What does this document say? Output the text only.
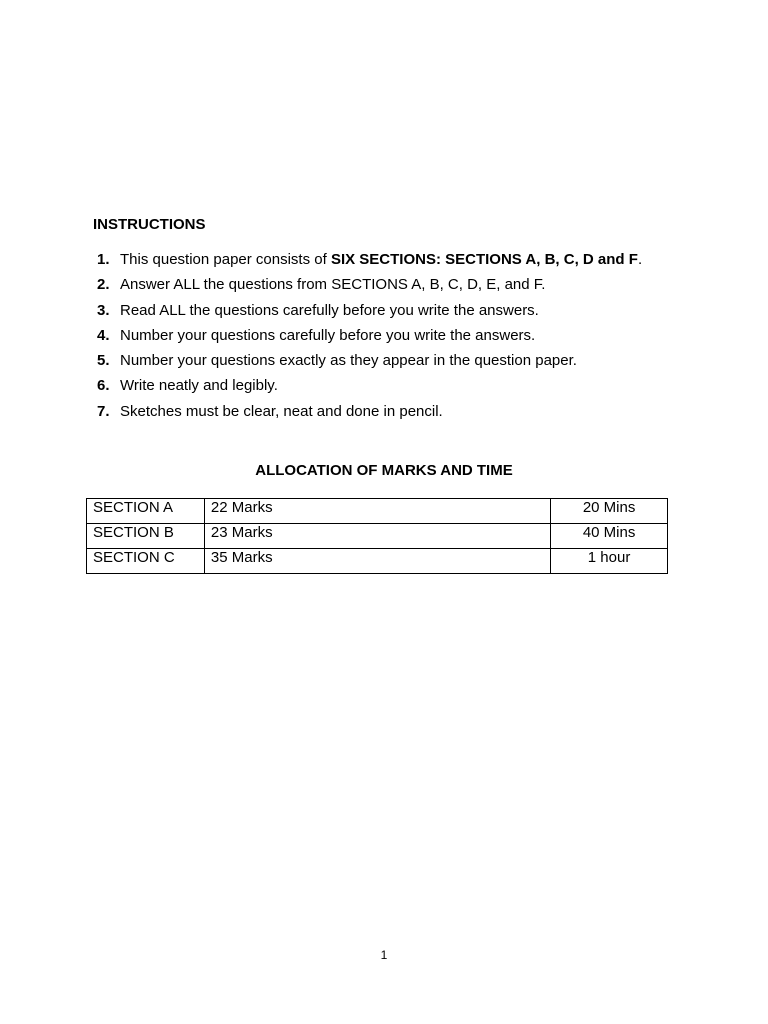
INSTRUCTIONS
1. This question paper consists of SIX SECTIONS: SECTIONS A, B, C, D and F.
2. Answer ALL the questions from SECTIONS A, B, C, D, E, and F.
3. Read ALL the questions carefully before you write the answers.
4. Number your questions carefully before you write the answers.
5. Number your questions exactly as they appear in the question paper.
6. Write neatly and legibly.
7. Sketches must be clear, neat and done in pencil.
ALLOCATION OF MARKS AND TIME
SECTION A	22 Marks	20 Mins
SECTION B	23 Marks	40 Mins
SECTION C	35 Marks	1 hour

1
